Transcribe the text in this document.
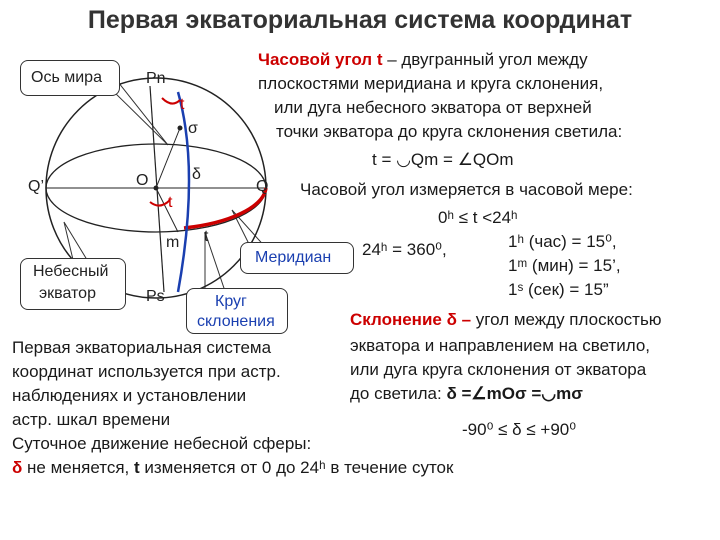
Первая экваториальная система координат
Ось мира
Небесный
экватор
Меридиан
Круг
склонения
Pn
Ps
Q’	Q
O
m
t
t
t
σ
δ
Часовой угол t – двугранный угол между
плоскостями меридиана и круга склонения,
или дуга небесного экватора от верхней
точки экватора до круга склонения светила:
t = ◡Qm = ∠QOm
Часовой угол измеряется в часовой мере:
0ʰ ≤ t <24ʰ
24ʰ = 360⁰,	1ʰ (час) = 15⁰,
1ᵐ (мин) = 15’,
1ˢ (сек) = 15”
Склонение δ – угол между плоскостью
экватора и направлением на светило,
или дуга круга склонения от экватора
до светила: δ =∠mOσ =◡mσ
-90⁰ ≤ δ ≤ +90⁰
Первая экваториальная система
координат используется при астр.
наблюдениях и установлении
астр. шкал времени
Суточное движение небесной сферы:
δ не меняется, t изменяется от 0 до 24ʰ в течение суток
